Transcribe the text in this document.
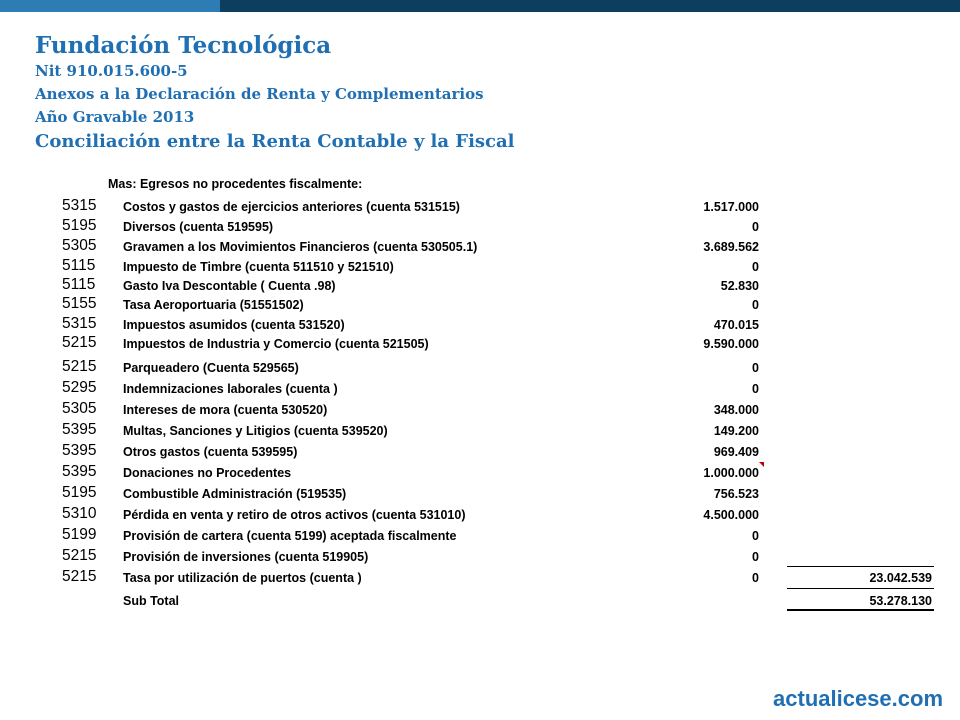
Fundación Tecnológica
Nit 910.015.600-5
Anexos a la Declaración de Renta y Complementarios
Año Gravable 2013
Conciliación entre la Renta Contable y la Fiscal
Mas: Egresos no procedentes fiscalmente:
5315 Costos y gastos de ejercicios anteriores (cuenta 531515)	1.517.000
5195 Diversos (cuenta 519595)	0
5305 Gravamen a los Movimientos Financieros (cuenta 530505.1)	3.689.562
5115 Impuesto de Timbre (cuenta 511510 y 521510)	0
5115 Gasto Iva Descontable ( Cuenta .98)	52.830
5155 Tasa Aeroportuaria (51551502)	0
5315 Impuestos asumidos (cuenta 531520)	470.015
5215 Impuestos de Industria y Comercio (cuenta 521505)	9.590.000
5215 Parqueadero (Cuenta 529565)	0
5295 Indemnizaciones laborales (cuenta )	0
5305 Intereses de mora (cuenta 530520)	348.000
5395 Multas, Sanciones y Litigios (cuenta 539520)	149.200
5395 Otros gastos (cuenta 539595)	969.409
5395 Donaciones no Procedentes	1.000.000
5195 Combustible Administración (519535)	756.523
5310 Pérdida en venta y retiro de otros activos (cuenta 531010)	4.500.000
5199 Provisión de cartera (cuenta 5199) aceptada fiscalmente	0
5215 Provisión de inversiones (cuenta 519905)	0
5215 Tasa por utilización de puertos (cuenta )	0	23.042.539
Sub Total	53.278.130
actualicese.com
